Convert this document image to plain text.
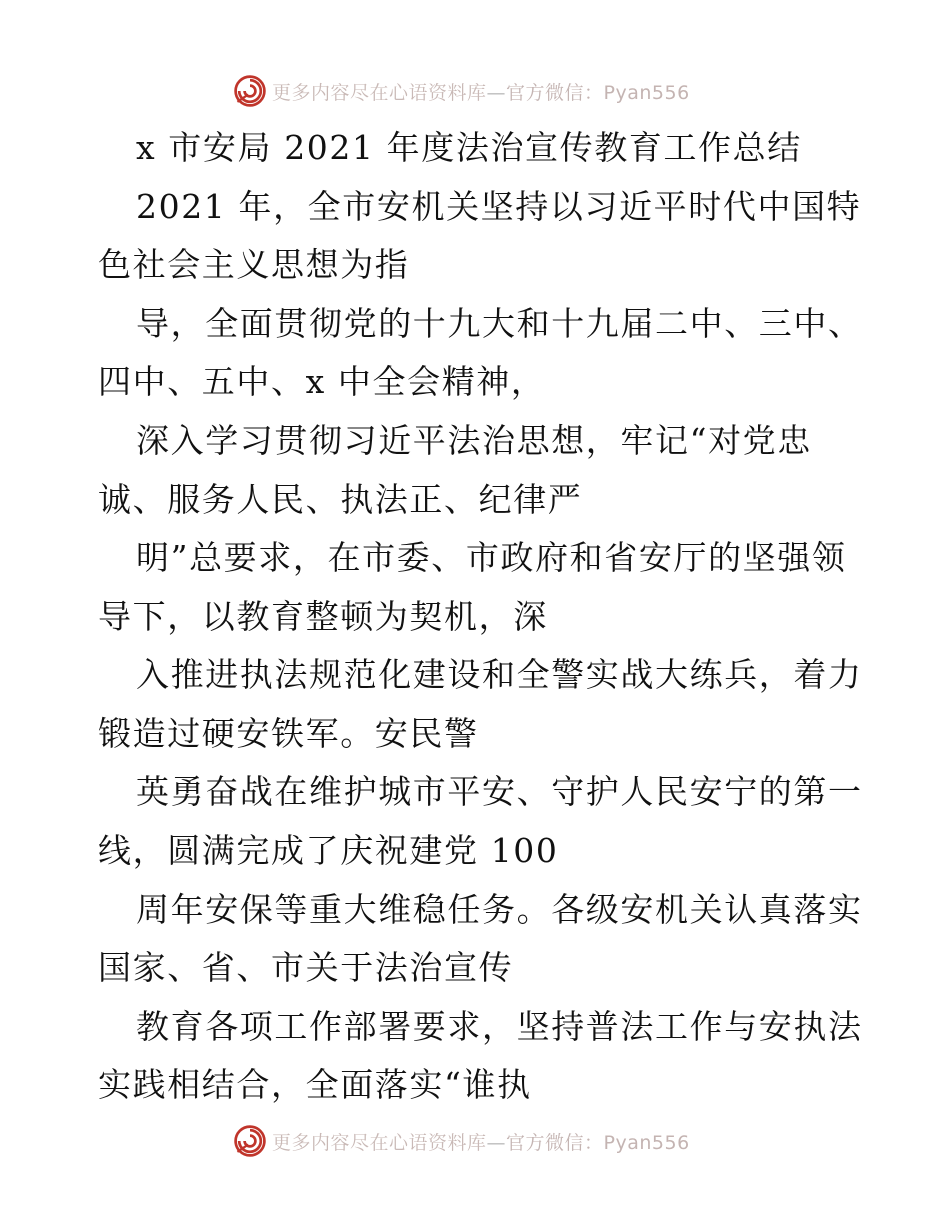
更多内容尽在心语资料库—官方微信：Pyan556
x 市安局 2021 年度法治宣传教育工作总结
2021 年，全市安机关坚持以习近平时代中国特
色社会主义思想为指
导，全面贯彻党的十九大和十九届二中、三中、
四中、五中、x 中全会精神，
深入学习贯彻习近平法治思想，牢记“对党忠
诚、服务人民、执法正、纪律严
明”总要求，在市委、市政府和省安厅的坚强领
导下，以教育整顿为契机，深
入推进执法规范化建设和全警实战大练兵，着力
锻造过硬安铁军。安民警
英勇奋战在维护城市平安、守护人民安宁的第一
线，圆满完成了庆祝建党 100
周年安保等重大维稳任务。各级安机关认真落实
国家、省、市关于法治宣传
教育各项工作部署要求，坚持普法工作与安执法
实践相结合，全面落实“谁执
更多内容尽在心语资料库—官方微信：Pyan556
